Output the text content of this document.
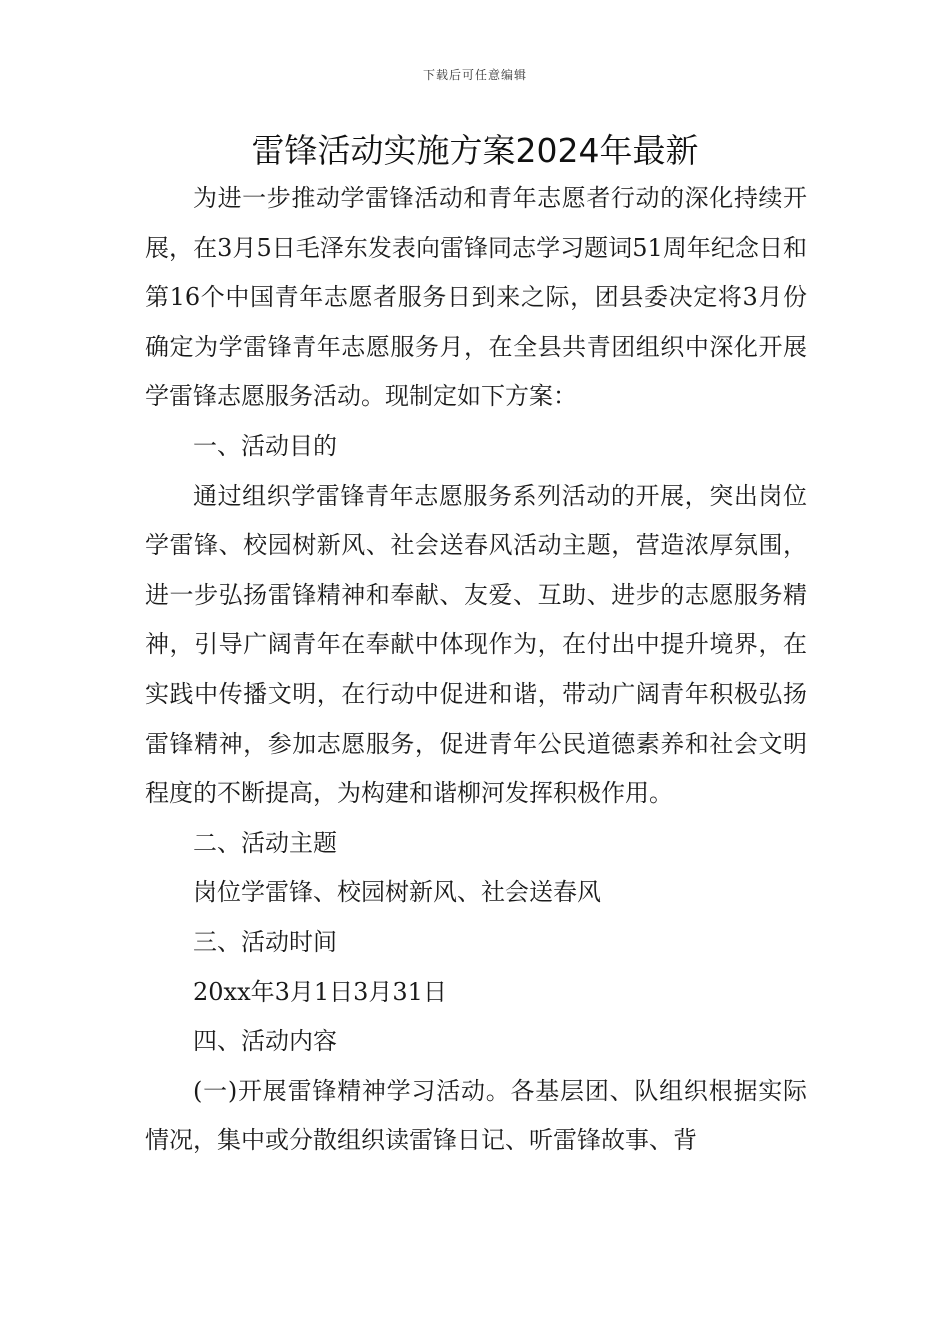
下载后可任意编辑
雷锋活动实施方案2024年最新

为进一步推动学雷锋活动和青年志愿者行动的深化持续开展，在3月5日毛泽东发表向雷锋同志学习题词51周年纪念日和第16个中国青年志愿者服务日到来之际，团县委决定将3月份确定为学雷锋青年志愿服务月，在全县共青团组织中深化开展学雷锋志愿服务活动。现制定如下方案：

一、活动目的

通过组织学雷锋青年志愿服务系列活动的开展，突出岗位学雷锋、校园树新风、社会送春风活动主题，营造浓厚氛围，进一步弘扬雷锋精神和奉献、友爱、互助、进步的志愿服务精神，引导广阔青年在奉献中体现作为，在付出中提升境界，在实践中传播文明，在行动中促进和谐，带动广阔青年积极弘扬雷锋精神，参加志愿服务，促进青年公民道德素养和社会文明程度的不断提高，为构建和谐柳河发挥积极作用。

二、活动主题

岗位学雷锋、校园树新风、社会送春风

三、活动时间

20xx年3月1日3月31日

四、活动内容

(一)开展雷锋精神学习活动。各基层团、队组织根据实际情况，集中或分散组织读雷锋日记、听雷锋故事、背
